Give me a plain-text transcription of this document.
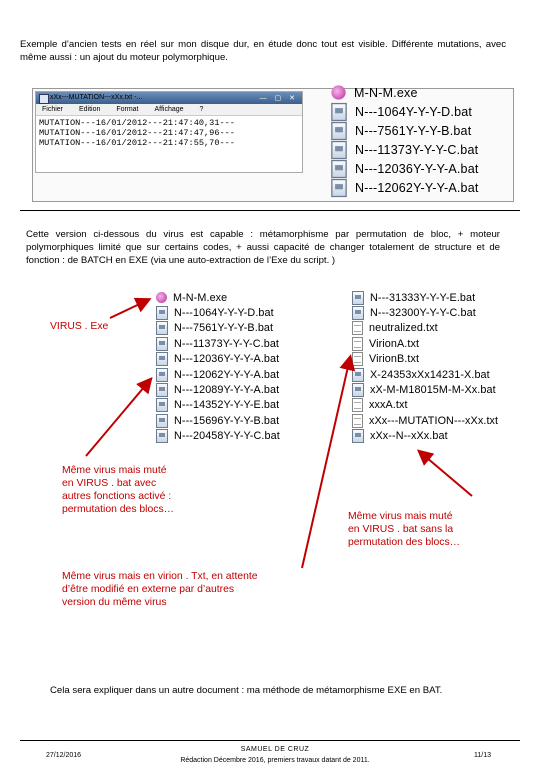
Exemple d’ancien tests en réel sur mon disque dur, en étude donc tout est visible. Différente mutations, avec même aussi : un ajout du moteur polymorphique.
xXx---MUTATION---xXx.txt -...	— ▢ ✕
Fichier Edition Format Affichage ?
MUTATION---16/01/2012---21:47:40,31---
MUTATION---16/01/2012---21:47:47,96---
MUTATION---16/01/2012---21:47:55,70---
M-N-M.exe
N---1064Y-Y-Y-D.bat
N---7561Y-Y-Y-B.bat
N---11373Y-Y-Y-C.bat
N---12036Y-Y-Y-A.bat
N---12062Y-Y-Y-A.bat
Cette version ci-dessous du virus est capable : métamorphisme par permutation de bloc, + moteur polymorphiques limité que sur certains codes, + aussi capacité de changer totalement de structure et de fonction : de BATCH en EXE (via une auto-extraction de l’Exe du script. )
M-N-M.exe
N---1064Y-Y-Y-D.bat
N---7561Y-Y-Y-B.bat
N---11373Y-Y-Y-C.bat
N---12036Y-Y-Y-A.bat
N---12062Y-Y-Y-A.bat
N---12089Y-Y-Y-A.bat
N---14352Y-Y-Y-E.bat
N---15696Y-Y-Y-B.bat
N---20458Y-Y-Y-C.bat
N---31333Y-Y-Y-E.bat
N---32300Y-Y-Y-C.bat
neutralized.txt
VirionA.txt
VirionB.txt
X-24353xXx14231-X.bat
xX-M-M18015M-M-Xx.bat
xxxA.txt
xXx---MUTATION---xXx.txt
xXx--N--xXx.bat
VIRUS . Exe
Même virus mais muté
en VIRUS . bat avec
autres fonctions activé :
permutation des blocs…
Même virus mais muté
en VIRUS . bat sans la
permutation des blocs…
Même virus mais en virion . Txt, en attente
d’être modifié en externe par d’autres
version du même virus
Cela sera expliquer dans un autre document : ma méthode de métamorphisme EXE en BAT.
27/12/2016
SAMUEL DE CRUZ
Rédaction Décembre 2016, premiers travaux datant de 2011.
11/13
